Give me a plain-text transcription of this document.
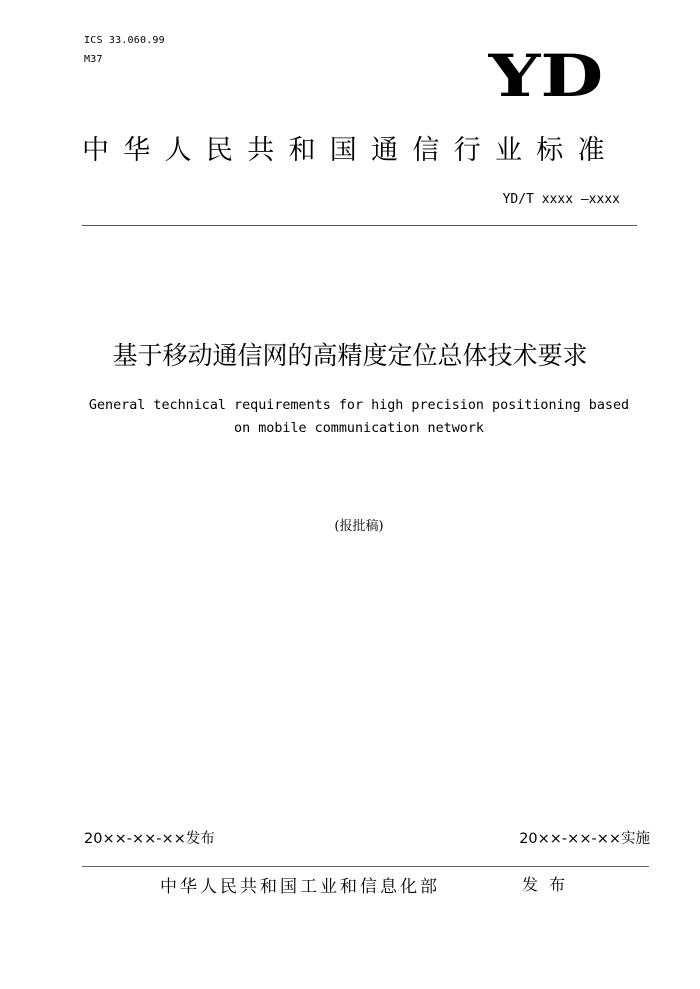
ICS 33.060.99
M37	YD
中华人民共和国通信行业标准
YD/T xxxx —xxxx
基于移动通信网的高精度定位总体技术要求
General technical requirements for high precision positioning based
on mobile communication network
(报批稿)
20××-××-××发布	20××-××-××实施
中华人民共和国工业和信息化部	发布
